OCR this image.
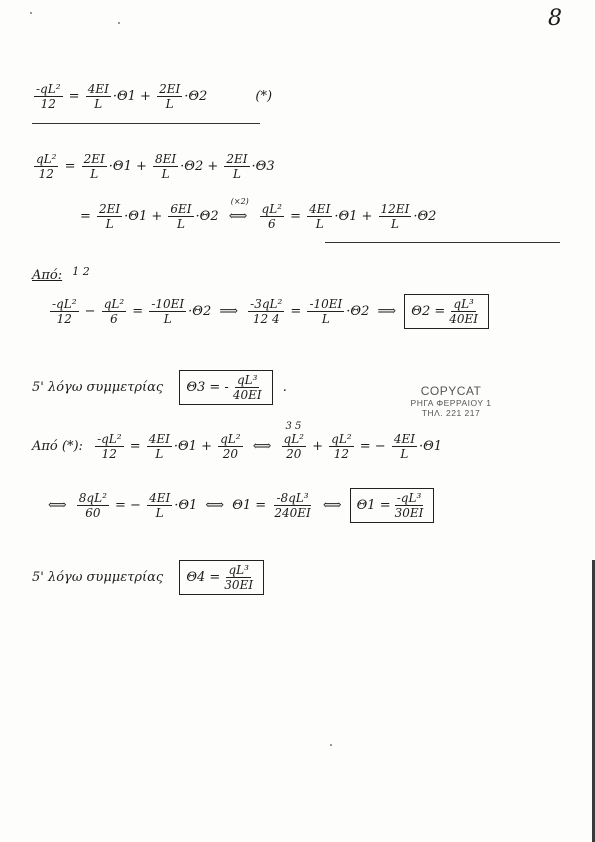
8
$\frac{\text{-qL²}}{12} = \frac{4EI}{L} \cdot\Theta 1 + \frac{2EI}{L} \cdot\Theta 2$	(*)
$\frac{\text{qL²}}{12} = \frac{2EI}{L} \cdot\Theta 1 + \frac{8EI}{L} \cdot\Theta 2 + \frac{2EI}{L} \cdot\Theta 3$
= $\frac{2EI}{L} \cdot\Theta 1 + \frac{6EI}{L} \cdot\Theta 2$
(×2)
⟺ $\frac{\text{qL²}}{6} = \frac{4EI}{L} \cdot\Theta 1 + \frac{12EI}{L} \cdot\Theta 2$
Από: $^{1 2}$
$\frac{\text{-qL²}}{12} - \frac{\text{qL²}}{6} = \frac{-10EI}{L} \cdot\Theta 2$ ⟹ $\frac{\text{-3qL²}}{12 4} = \frac{-10EI}{L} \cdot\Theta 2$ ⟹ $\Theta 2 = \frac{\text{qL³}}{40EI}$
5' λόγω συμμετρίας Θ3 = - $\frac{\text{qL³}}{40EI}$ .	COPYCAT
ΡΗΓΑ ΦΕΡΡΑΙΟΥ 1
ΤΗΛ. 221 217
Από (*): $\frac{\text{-qL²}}{12} = \frac{4EI}{L} \cdot\Theta 1 + \frac{\text{qL²}}{20}$ ⟺
3 5
$\frac{\text{qL²}}{20} + \frac{\text{qL²}}{12}$ = − $\frac{4EI}{L} \cdot\Theta 1$
⟺ $\frac{\text{8qL²}}{60}$ = − $\frac{4EI}{L} \cdot\Theta 1$ ⟺ $\Theta 1 = \frac{\text{-8qL³}}{240EI}$ ⟺ $\Theta 1 = \frac{\text{-qL³}}{30EI}$
5' λόγω συμμετρίας $\Theta 4 = \frac{\text{qL³}}{30EI}$
